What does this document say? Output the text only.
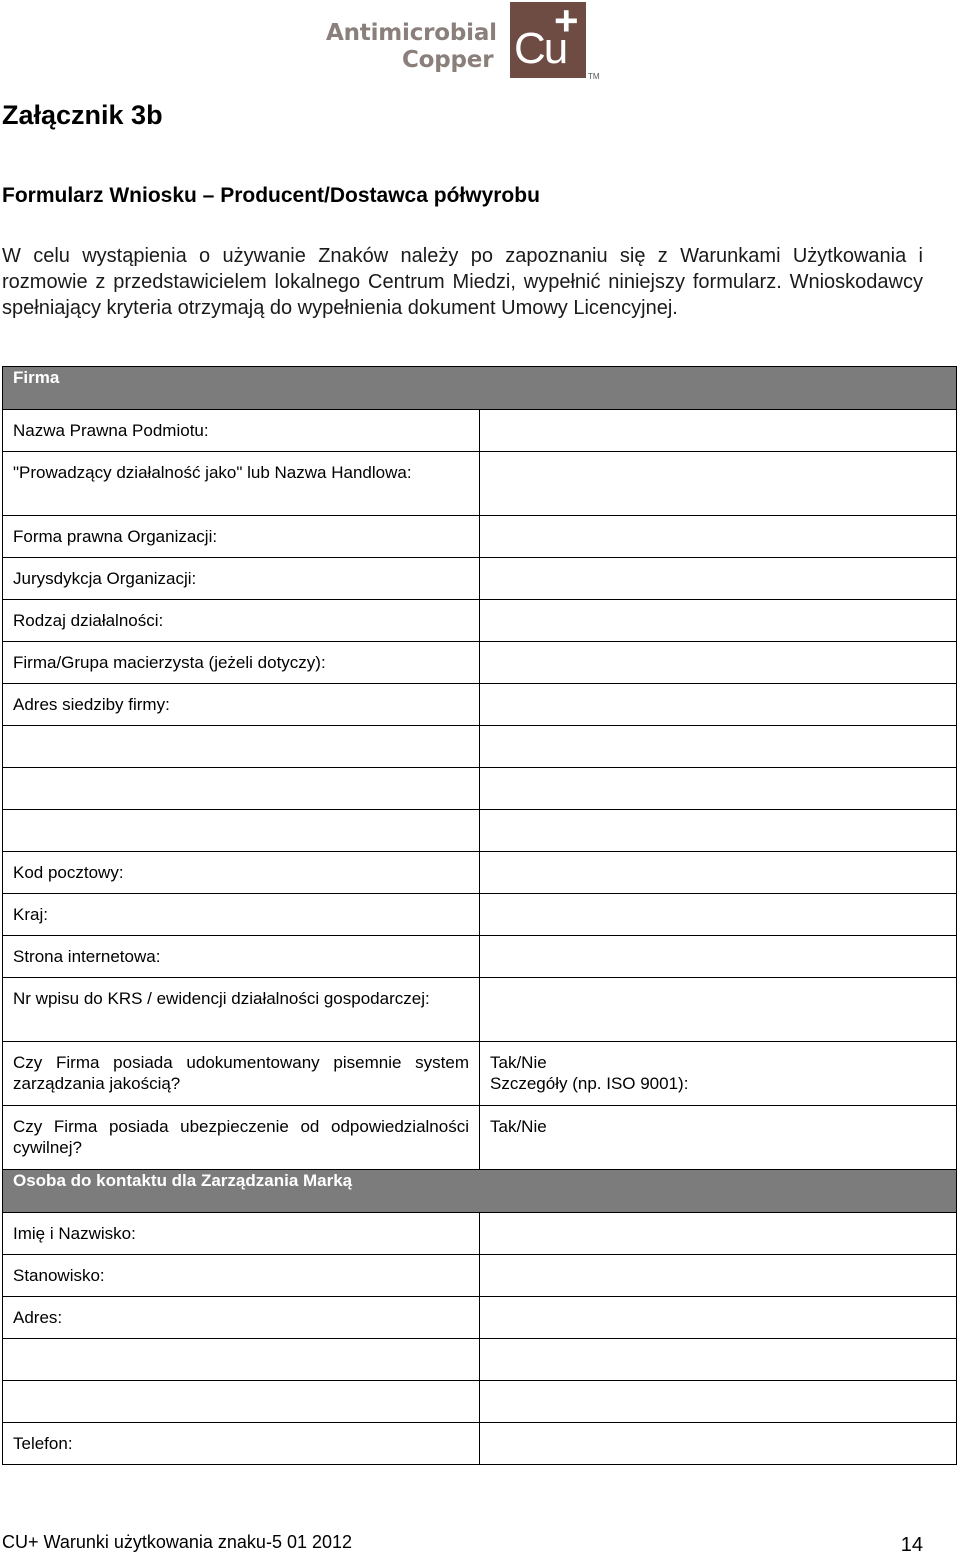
Antimicrobial
Copper Cu
+
TM
Załącznik 3b
Formularz Wniosku – Producent/Dostawca półwyrobu

W celu wystąpienia o używanie Znaków należy po zapoznaniu się z Warunkami Użytkowania i rozmowie z przedstawicielem lokalnego Centrum Miedzi, wypełnić niniejszy formularz. Wnioskodawcy spełniający kryteria otrzymają do wypełnienia dokument Umowy Licencyjnej.

Firma	
Nazwa Prawna Podmiotu:	
"Prowadzący działalność jako" lub Nazwa Handlowa:	
Forma prawna Organizacji:	
Jurysdykcja Organizacji:	
Rodzaj działalności:	
Firma/Grupa macierzysta (jeżeli dotyczy):	
Adres siedziby firmy:	

Kod pocztowy:	
Kraj:	
Strona internetowa:	
Nr wpisu do KRS / ewidencji działalności gospodarczej:	
Czy Firma posiada udokumentowany pisemnie system zarządzania jakością?	Tak/Nie
Szczegóły (np. ISO 9001):

Czy Firma posiada ubezpieczenie od odpowiedzialności cywilnej?	Tak/Nie

Osoba do kontaktu dla Zarządzania Marką	
Imię i Nazwisko:	
Stanowisko:	
Adres:	

Telefon:	
CU+ Warunki użytkowania znaku-5 01 2012	14
